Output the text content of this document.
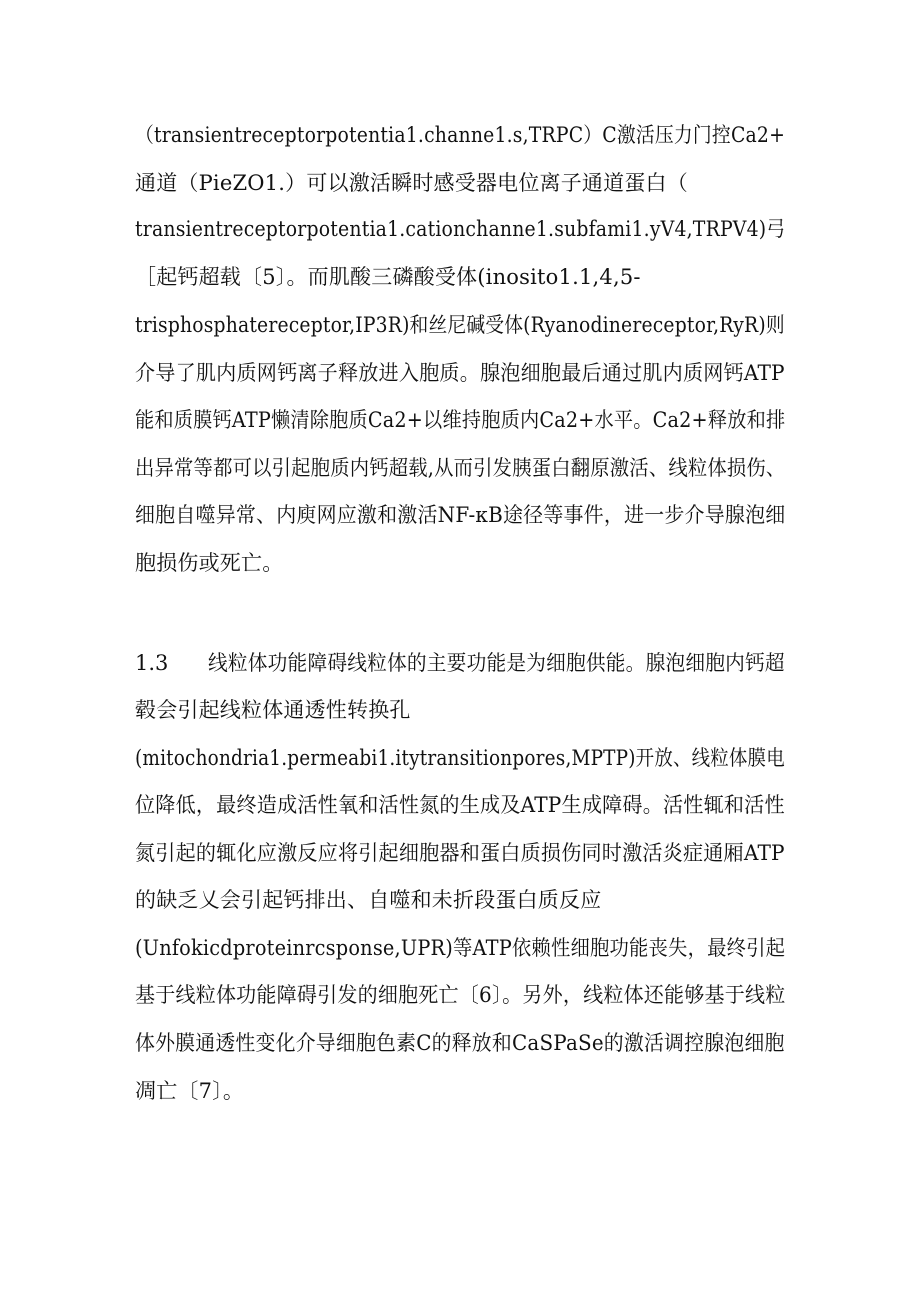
（transientreceptorpotentia1.channe1.s,TRPC）C激活压力门控Ca2+
通道（PieZO1.）可以激活瞬时感受器电位离子通道蛋白（
transientreceptorpotentia1.cationchanne1.subfami1.yV4,TRPV4)弓
［起钙超载〔5〕。而肌酸三磷酸受体(inosito1.1,4,5-
trisphosphatereceptor,IP3R)和丝尼碱受体(Ryanodinereceptor,RyR)则
介导了肌内质网钙离子释放进入胞质。腺泡细胞最后通过肌内质网钙ATP
能和质膜钙ATP懒清除胞质Ca2+以维持胞质内Ca2+水平。Ca2+释放和排
出异常等都可以引起胞质内钙超载,从而引发胰蛋白翻原激活、线粒体损伤、
细胞自噬异常、内庾网应激和激活NF-κB途径等事件，进一步介导腺泡细
胞损伤或死亡。
1.3 线粒体功能障碍线粒体的主要功能是为细胞供能。腺泡细胞内钙超
毂会引起线粒体通透性转换孔
(mitochondria1.permeabi1.itytransitionpores,MPTP)开放、线粒体膜电
位降低，最终造成活性氧和活性氮的生成及ATP生成障碍。活性辄和活性
氮引起的辄化应激反应将引起细胞器和蛋白质损伤同时激活炎症通厢ATP
的缺乏乂会引起钙排出、自噬和未折段蛋白质反应
(Unfokicdproteinrcsponse,UPR)等ATP依赖性细胞功能丧失，最终引起
基于线粒体功能障碍引发的细胞死亡〔6〕。另外，线粒体还能够基于线粒
体外膜通透性变化介导细胞色素C的释放和CaSPaSe的激活调控腺泡细胞
凋亡〔7〕。
